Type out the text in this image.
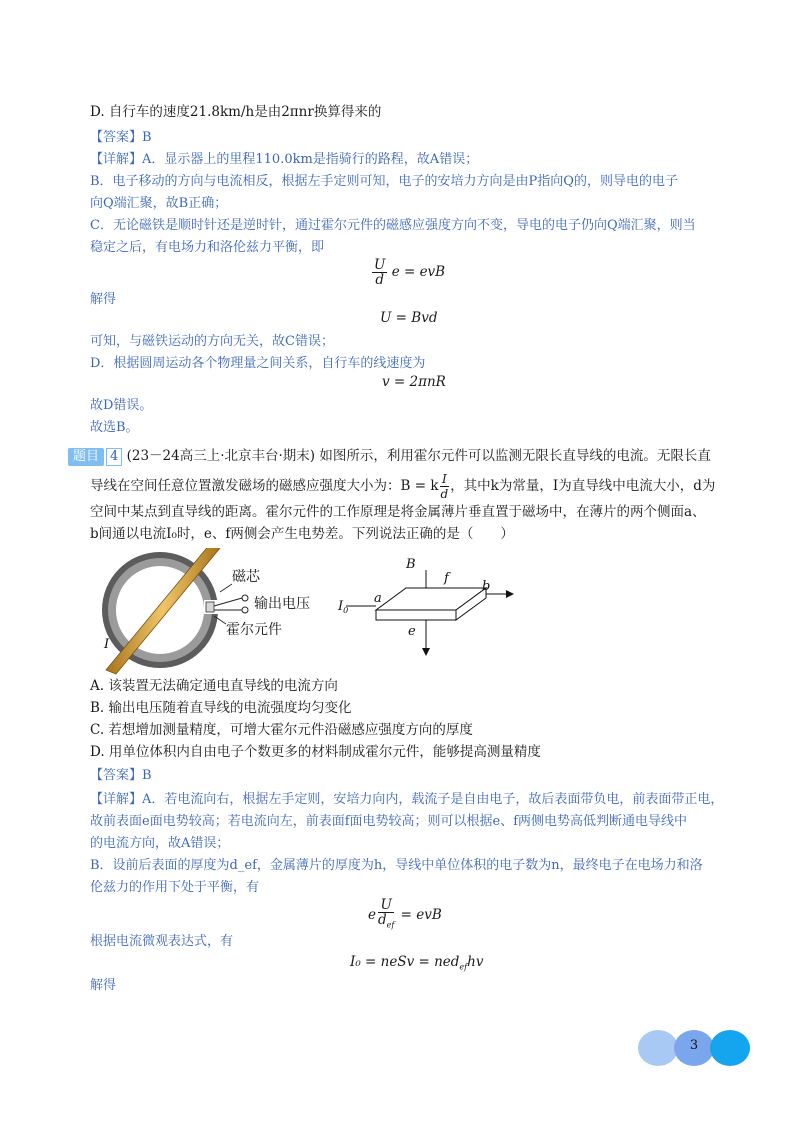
D. 自行车的速度21.8km/h是由2πnr换算得来的
【答案】B
【详解】A．显示器上的里程110.0km是指骑行的路程，故A错误；
B．电子移动的方向与电流相反，根据左手定则可知，电子的安培力方向是由P指向Q的，则导电的电子
向Q端汇聚，故B正确；
C．无论磁铁是顺时针还是逆时针，通过霍尔元件的磁感应强度方向不变，导电的电子仍向Q端汇聚，则当
稳定之后，有电场力和洛伦兹力平衡，即
$\frac{U}{d}$ e = evB
解得
U = Bvd
可知，与磁铁运动的方向无关，故C错误；
D．根据圆周运动各个物理量之间关系，自行车的线速度为
v = 2πnR
故D错误。
故选B。
题目 4 (23－24高三上·北京丰台·期末) 如图所示，利用霍尔元件可以监测无限长直导线的电流。无限长直
导线在空间任意位置激发磁场的磁感应强度大小为：B = k $\frac{I}{d}$ ，其中k为常量，I为直导线中电流大小，d为
空间中某点到直导线的距离。霍尔元件的工作原理是将金属薄片垂直置于磁场中，在薄片的两个侧面a、
b间通以电流I₀时，e、f两侧会产生电势差。下列说法正确的是（　　）
磁芯
输出电压
霍尔元件
I
B
f
a
b
e
$I_0$
A. 该装置无法确定通电直导线的电流方向
B. 输出电压随着直导线的电流强度均匀变化
C. 若想增加测量精度，可增大霍尔元件沿磁感应强度方向的厚度
D. 用单位体积内自由电子个数更多的材料制成霍尔元件，能够提高测量精度
【答案】B
【详解】A．若电流向右，根据左手定则，安培力向内，载流子是自由电子，故后表面带负电，前表面带正电，
故前表面e面电势较高；若电流向左，前表面f面电势较高；则可以根据e、f两侧电势高低判断通电导线中
的电流方向，故A错误；
B．设前后表面的厚度为d_ef，金属薄片的厚度为h，导线中单位体积的电子数为n，最终电子在电场力和洛
伦兹力的作用下处于平衡，有
e $\frac{U}{d_{ef}}$ = evB
根据电流微观表达式，有
I₀ = neSv = ned$_{ef}$hv
解得
3
